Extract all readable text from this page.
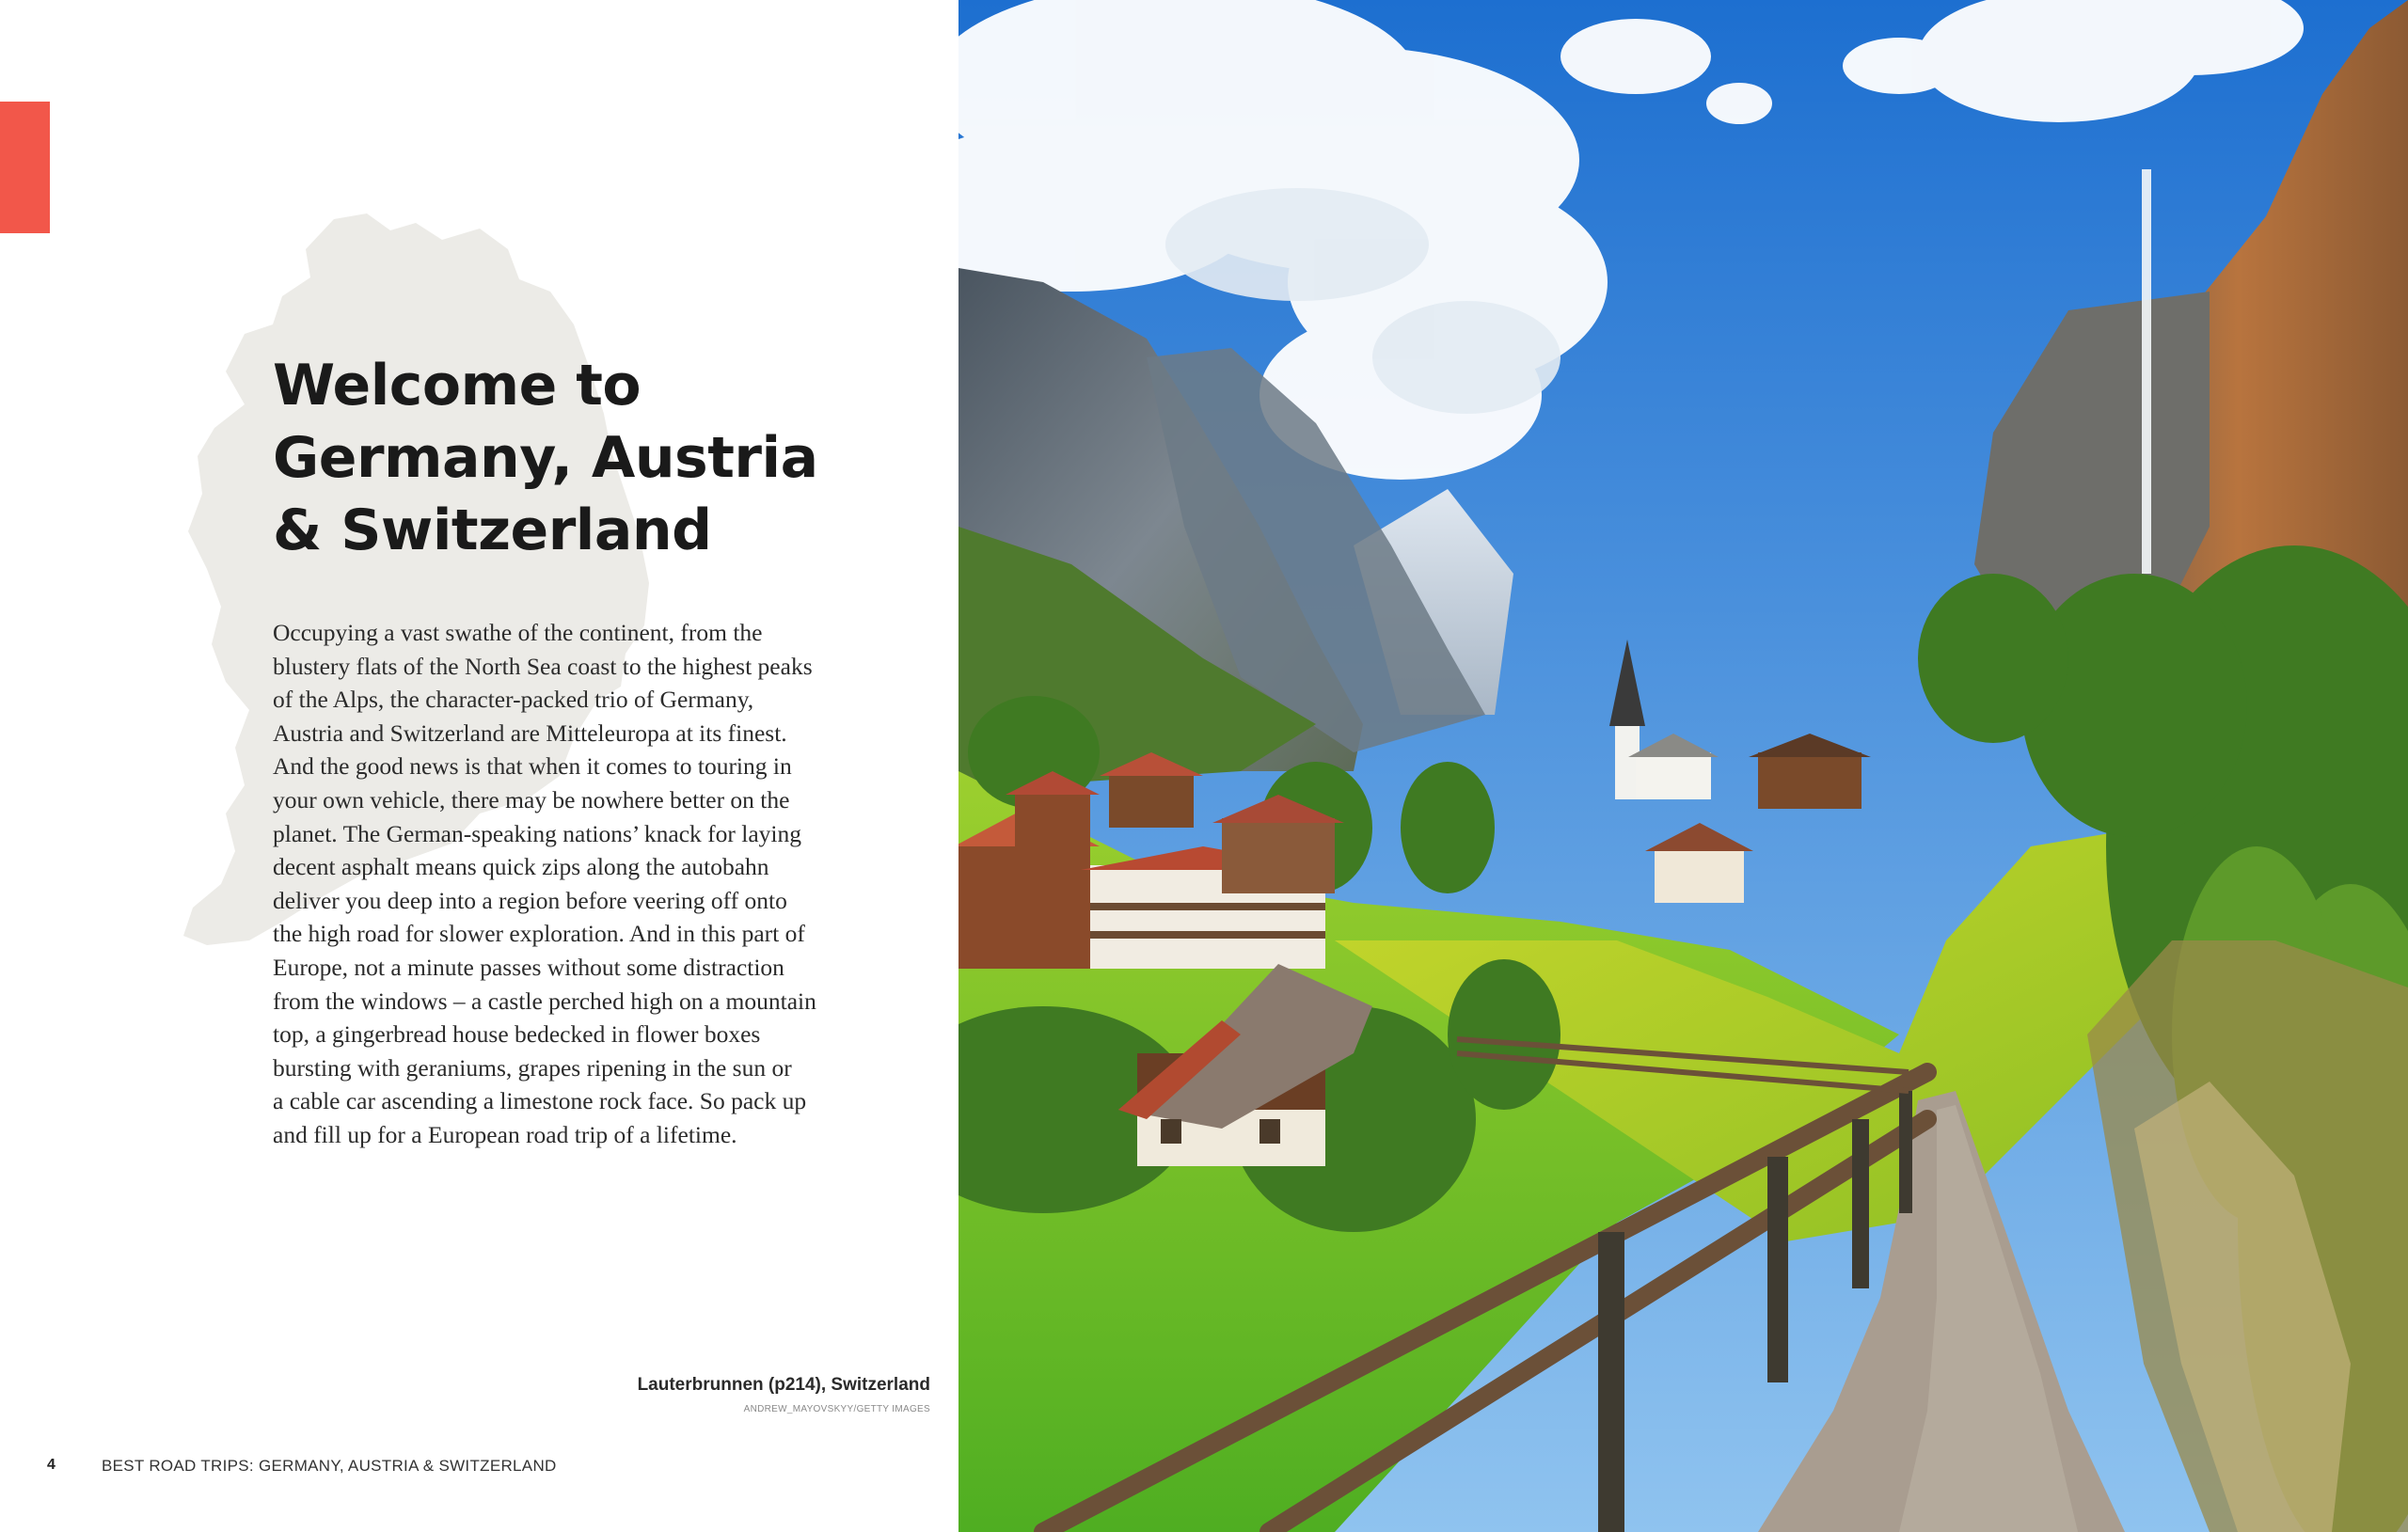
Welcome to
Germany, Austria
& Switzerland

Occupying a vast swathe of the continent, from the
blustery flats of the North Sea coast to the highest peaks
of the Alps, the character-packed trio of Germany,
Austria and Switzerland are Mitteleuropa at its finest.
And the good news is that when it comes to touring in
your own vehicle, there may be nowhere better on the
planet. The German-speaking nations’ knack for laying
decent asphalt means quick zips along the autobahn
deliver you deep into a region before veering off onto
the high road for slower exploration. And in this part of
Europe, not a minute passes without some distraction
from the windows – a castle perched high on a mountain
top, a gingerbread house bedecked in flower boxes
bursting with geraniums, grapes ripening in the sun or
a cable car ascending a limestone rock face. So pack up
and fill up for a European road trip of a lifetime.

Lauterbrunnen (p214), Switzerland
ANDREW_MAYOVSKYY/GETTY IMAGES
4	BEST ROAD TRIPS: GERMANY, AUSTRIA & SWITZERLAND
